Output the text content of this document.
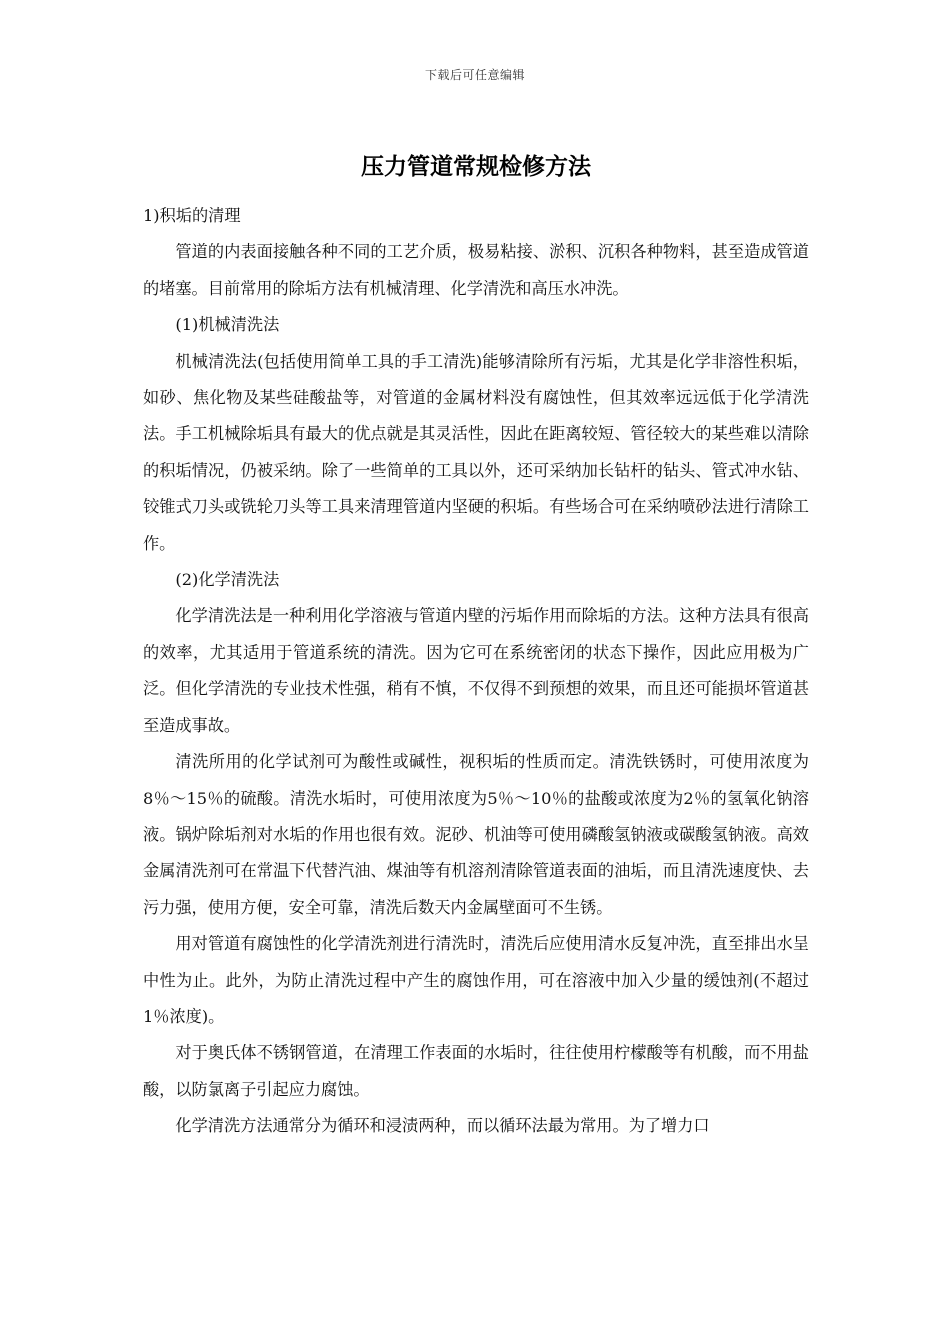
下载后可任意编辑
压力管道常规检修方法

1)积垢的清理

管道的内表面接触各种不同的工艺介质，极易粘接、淤积、沉积各种物料，甚至造成管道的堵塞。目前常用的除垢方法有机械清理、化学清洗和高压水冲洗。

(1)机械清洗法

机械清洗法(包括使用简单工具的手工清洗)能够清除所有污垢，尤其是化学非溶性积垢，如砂、焦化物及某些硅酸盐等，对管道的金属材料没有腐蚀性，但其效率远远低于化学清洗法。手工机械除垢具有最大的优点就是其灵活性，因此在距离较短、管径较大的某些难以清除的积垢情况，仍被采纳。除了一些简单的工具以外，还可采纳加长钻杆的钻头、管式冲水钻、铰锥式刀头或铣轮刀头等工具来清理管道内坚硬的积垢。有些场合可在采纳喷砂法进行清除工作。

(2)化学清洗法

化学清洗法是一种利用化学溶液与管道内壁的污垢作用而除垢的方法。这种方法具有很高的效率，尤其适用于管道系统的清洗。因为它可在系统密闭的状态下操作，因此应用极为广泛。但化学清洗的专业技术性强，稍有不慎，不仅得不到预想的效果，而且还可能损坏管道甚至造成事故。

清洗所用的化学试剂可为酸性或碱性，视积垢的性质而定。清洗铁锈时，可使用浓度为8％～15％的硫酸。清洗水垢时，可使用浓度为5％～10％的盐酸或浓度为2％的氢氧化钠溶液。锅炉除垢剂对水垢的作用也很有效。泥砂、机油等可使用磷酸氢钠液或碳酸氢钠液。高效金属清洗剂可在常温下代替汽油、煤油等有机溶剂清除管道表面的油垢，而且清洗速度快、去污力强，使用方便，安全可靠，清洗后数天内金属壁面可不生锈。

用对管道有腐蚀性的化学清洗剂进行清洗时，清洗后应使用清水反复冲洗，直至排出水呈中性为止。此外，为防止清洗过程中产生的腐蚀作用，可在溶液中加入少量的缓蚀剂(不超过1％浓度)。

对于奥氏体不锈钢管道，在清理工作表面的水垢时，往往使用柠檬酸等有机酸，而不用盐酸，以防氯离子引起应力腐蚀。

化学清洗方法通常分为循环和浸渍两种，而以循环法最为常用。为了增力口
